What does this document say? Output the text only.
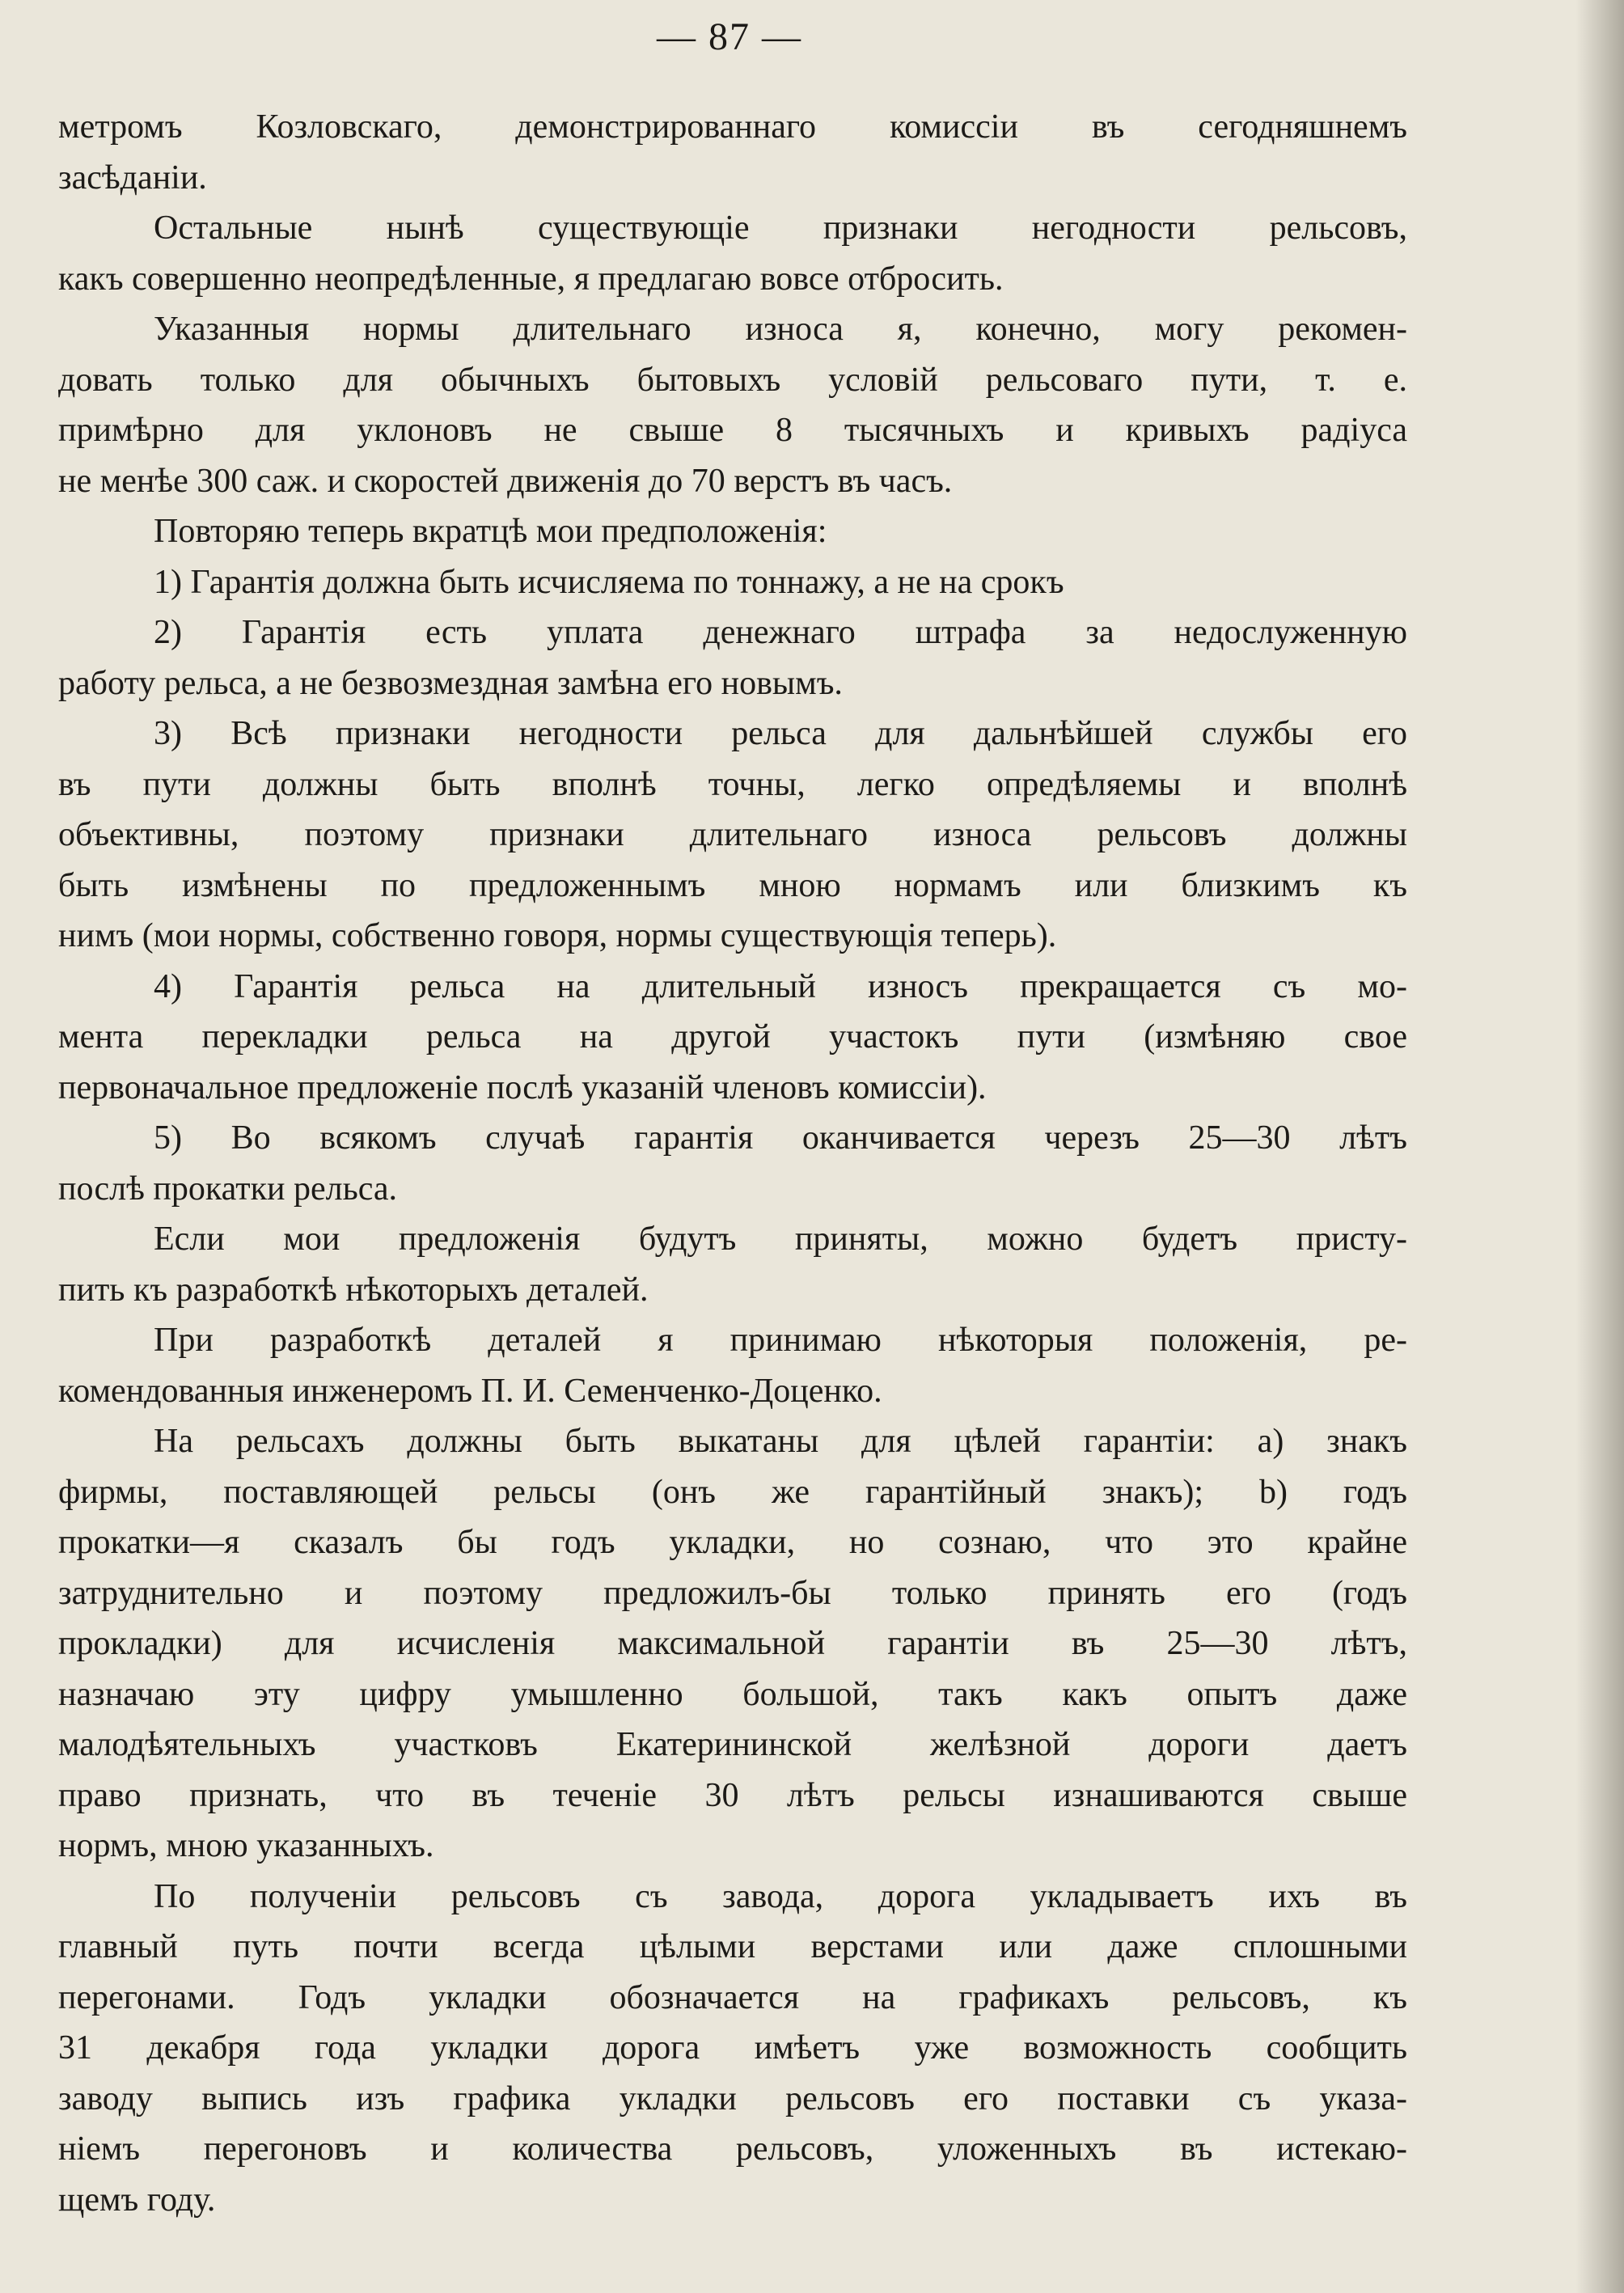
— 87 —

метромъ Козловскаго, демонстрированнаго комиссіи въ сегодняшнемъ
засѣданіи.

Остальные нынѣ существующіе признаки негодности рельсовъ,
какъ совершенно неопредѣленные, я предлагаю вовсе отбросить.

Указанныя нормы длительнаго износа я, конечно, могу рекомен-
довать только для обычныхъ бытовыхъ условій рельсоваго пути, т. е.
примѣрно для уклоновъ не свыше 8 тысячныхъ и кривыхъ радіуса
не менѣе 300 саж. и скоростей движенія до 70 верстъ въ часъ.

Повторяю теперь вкратцѣ мои предположенія:

1) Гарантія должна быть исчисляема по тоннажу, а не на срокъ

2) Гарантія есть уплата денежнаго штрафа за недослуженную
работу рельса, а не безвозмездная замѣна его новымъ.

3) Всѣ признаки негодности рельса для дальнѣйшей службы его
въ пути должны быть вполнѣ точны, легко опредѣляемы и вполнѣ
объективны, поэтому признаки длительнаго износа рельсовъ должны
быть измѣнены по предложеннымъ мною нормамъ или близкимъ къ
нимъ (мои нормы, собственно говоря, нормы существующія теперь).

4) Гарантія рельса на длительный износъ прекращается съ мо-
мента перекладки рельса на другой участокъ пути (измѣняю свое
первоначальное предложеніе послѣ указаній членовъ комиссіи).

5) Во всякомъ случаѣ гарантія оканчивается черезъ 25—30 лѣтъ
послѣ прокатки рельса.

Если мои предложенія будутъ приняты, можно будетъ присту-
пить къ разработкѣ нѣкоторыхъ деталей.

При разработкѣ деталей я принимаю нѣкоторыя положенія, ре-
комендованныя инженеромъ П. И. Семенченко-Доценко.

На рельсахъ должны быть выкатаны для цѣлей гарантіи: а) знакъ
фирмы, поставляющей рельсы (онъ же гарантійный знакъ); b) годъ
прокатки—я сказалъ бы годъ укладки, но сознаю, что это крайне
затруднительно и поэтому предложилъ-бы только принять его (годъ
прокладки) для исчисленія максимальной гарантіи въ 25—30 лѣтъ,
назначаю эту цифру умышленно большой, такъ какъ опытъ даже
малодѣятельныхъ участковъ Екатерининской желѣзной дороги даетъ
право признать, что въ теченіе 30 лѣтъ рельсы изнашиваются свыше
нормъ, мною указанныхъ.

По полученіи рельсовъ съ завода, дорога укладываетъ ихъ въ
главный путь почти всегда цѣлыми верстами или даже сплошными
перегонами. Годъ укладки обозначается на графикахъ рельсовъ, къ
31 декабря года укладки дорога имѣетъ уже возможность сообщить
заводу выпись изъ графика укладки рельсовъ его поставки съ указа-
ніемъ перегоновъ и количества рельсовъ, уложенныхъ въ истекаю-
щемъ году.
